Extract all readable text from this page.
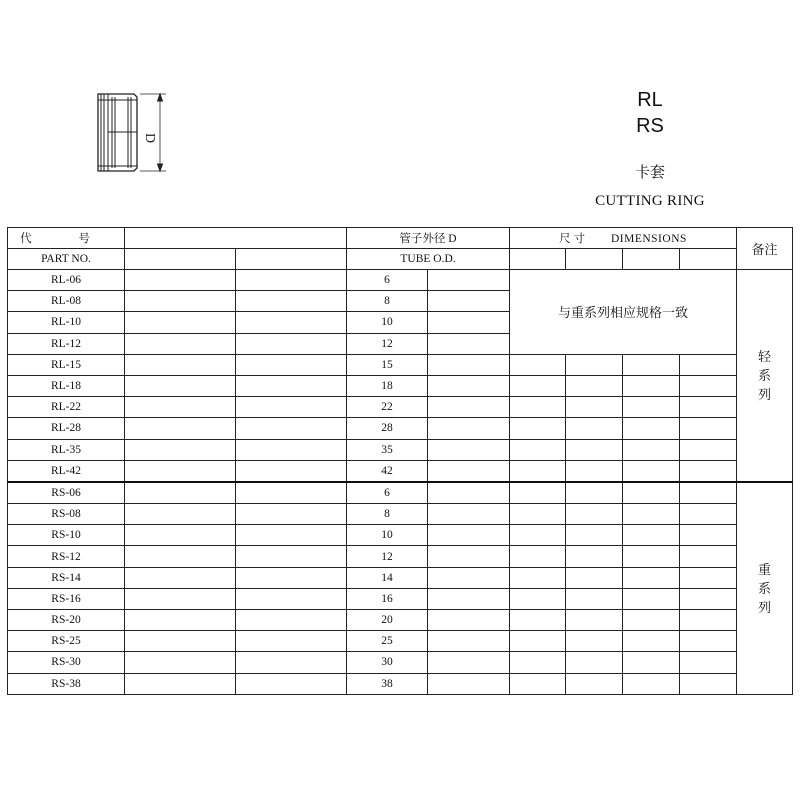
D
RL
RS
卡套
CUTTING RING
代 号			管子外径 D		尺 寸 DIMENSIONS				备注
PART NO.			TUBE O.D.						
RL-06			6		与重系列相应规格一致				轻
系
列

RL-08			8						
RL-10			10						
RL-12			12						
RL-15			15						
RL-18			18						
RL-22			22						
RL-28			28						
RL-35			35						
RL-42			42						
RS-06			6						重
系
列

RS-08			8						
RS-10			10						
RS-12			12						
RS-14			14						
RS-16			16						
RS-20			20						
RS-25			25						
RS-30			30						
RS-38			38						
